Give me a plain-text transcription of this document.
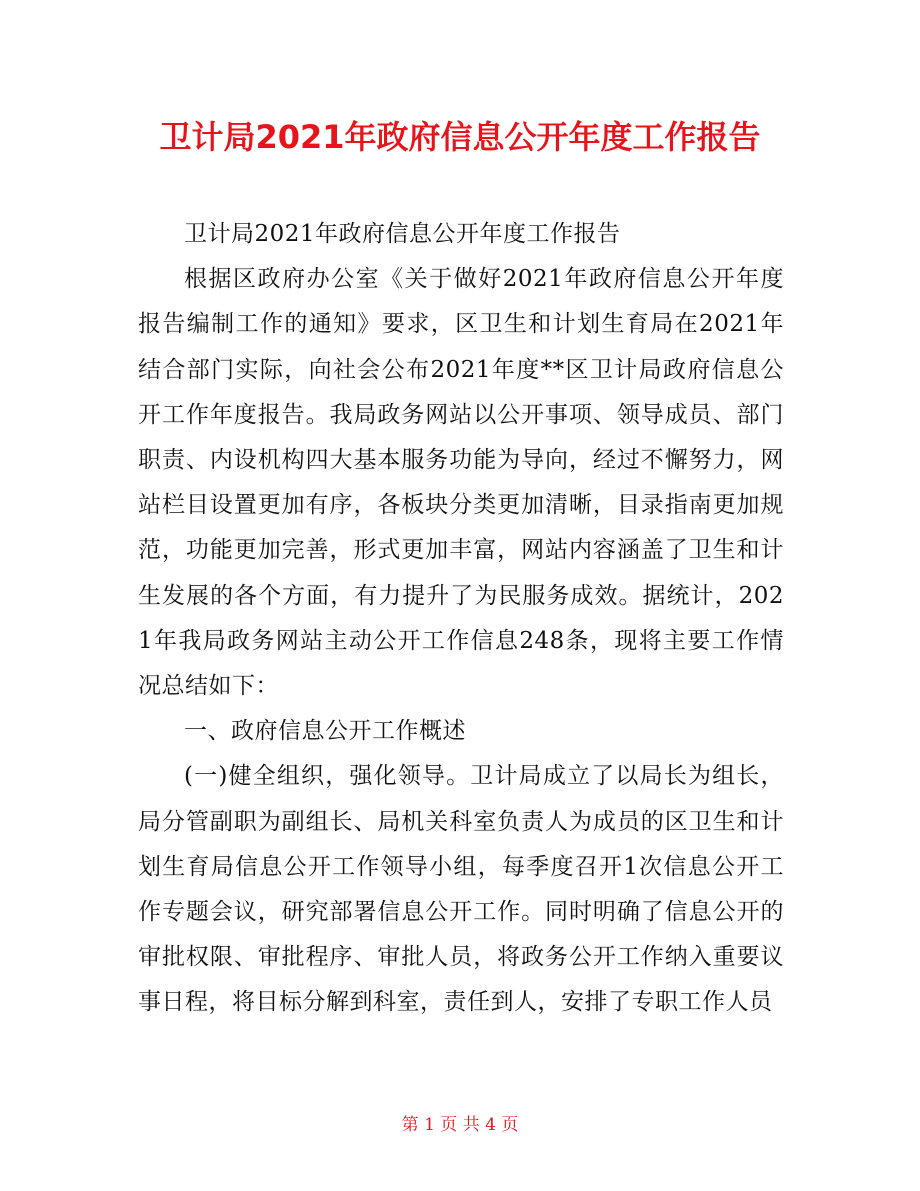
卫计局2021年政府信息公开年度工作报告

卫计局2021年政府信息公开年度工作报告

根据区政府办公室《关于做好2021年政府信息公开年度报告编制工作的通知》要求，区卫生和计划生育局在2021年结合部门实际，向社会公布2021年度**区卫计局政府信息公开工作年度报告。我局政务网站以公开事项、领导成员、部门职责、内设机构四大基本服务功能为导向，经过不懈努力，网站栏目设置更加有序，各板块分类更加清晰，目录指南更加规范，功能更加完善，形式更加丰富，网站内容涵盖了卫生和计生发展的各个方面，有力提升了为民服务成效。据统计，2021年我局政务网站主动公开工作信息248条，现将主要工作情况总结如下：

一、政府信息公开工作概述

(一)健全组织，强化领导。卫计局成立了以局长为组长，局分管副职为副组长、局机关科室负责人为成员的区卫生和计划生育局信息公开工作领导小组，每季度召开1次信息公开工作专题会议，研究部署信息公开工作。同时明确了信息公开的审批权限、审批程序、审批人员，将政务公开工作纳入重要议事日程，将目标分解到科室，责任到人，安排了专职工作人员

第 1 页 共 4 页
